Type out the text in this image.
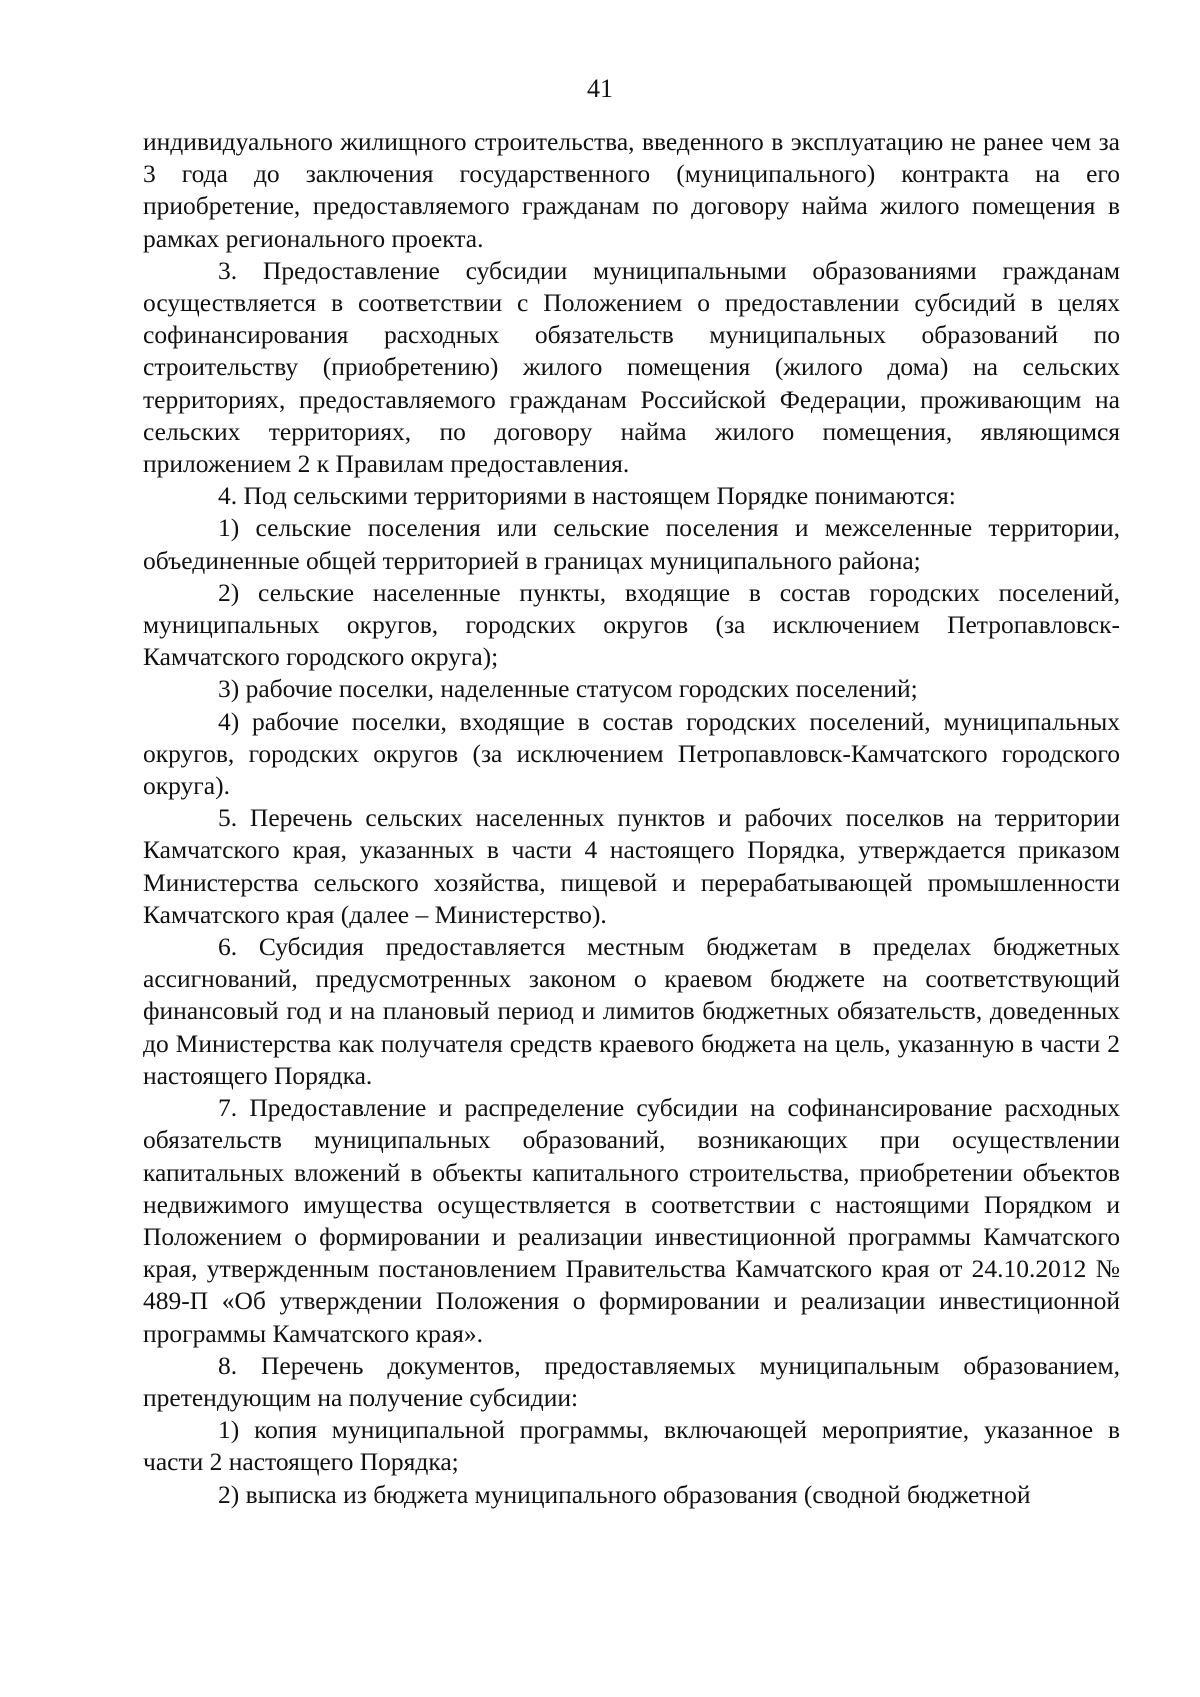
41

индивидуального жилищного строительства, введенного в эксплуатацию не ранее чем за 3 года до заключения государственного (муниципального) контракта на его приобретение, предоставляемого гражданам по договору найма жилого помещения в рамках регионального проекта.

3. Предоставление субсидии муниципальными образованиями гражданам осуществляется в соответствии с Положением о предоставлении субсидий в целях софинансирования расходных обязательств муниципальных образований по строительству (приобретению) жилого помещения (жилого дома) на сельских территориях, предоставляемого гражданам Российской Федерации, проживающим на сельских территориях, по договору найма жилого помещения, являющимся приложением 2 к Правилам предоставления.

4. Под сельскими территориями в настоящем Порядке понимаются:

1) сельские поселения или сельские поселения и межселенные территории, объединенные общей территорией в границах муниципального района;

2) сельские населенные пункты, входящие в состав городских поселений, муниципальных округов, городских округов (за исключением Петропавловск-Камчатского городского округа);

3) рабочие поселки, наделенные статусом городских поселений;

4) рабочие поселки, входящие в состав городских поселений, муниципальных округов, городских округов (за исключением Петропавловск-Камчатского городского округа).

5. Перечень сельских населенных пунктов и рабочих поселков на территории Камчатского края, указанных в части 4 настоящего Порядка, утверждается приказом Министерства сельского хозяйства, пищевой и перерабатывающей промышленности Камчатского края (далее – Министерство).

6. Субсидия предоставляется местным бюджетам в пределах бюджетных ассигнований, предусмотренных законом о краевом бюджете на соответствующий финансовый год и на плановый период и лимитов бюджетных обязательств, доведенных до Министерства как получателя средств краевого бюджета на цель, указанную в части 2 настоящего Порядка.

7. Предоставление и распределение субсидии на софинансирование расходных обязательств муниципальных образований, возникающих при осуществлении капитальных вложений в объекты капитального строительства, приобретении объектов недвижимого имущества осуществляется в соответствии с настоящими Порядком и Положением о формировании и реализации инвестиционной программы Камчатского края, утвержденным постановлением Правительства Камчатского края от 24.10.2012 № 489-П «Об утверждении Положения о формировании и реализации инвестиционной программы Камчатского края».

8. Перечень документов, предоставляемых муниципальным образованием, претендующим на получение субсидии:

1) копия муниципальной программы, включающей мероприятие, указанное в части 2 настоящего Порядка;

2) выписка из бюджета муниципального образования (сводной бюджетной
